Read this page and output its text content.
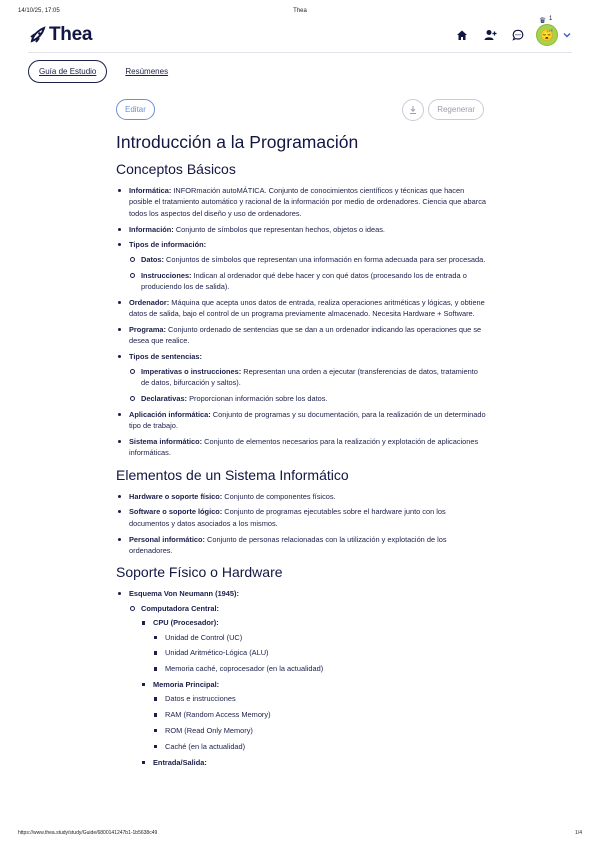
14/10/25, 17:05	Thea
Thea
♛ 1
😴
Guía de Estudio	Resúmenes
Editar	Regenerar
Introducción a la Programación
Conceptos Básicos
Informática: INFORmación autoMÁTICA. Conjunto de conocimientos científicos y técnicas que hacen posible el tratamiento automático y racional de la información por medio de ordenadores. Ciencia que abarca todos los aspectos del diseño y uso de ordenadores.
Información: Conjunto de símbolos que representan hechos, objetos o ideas.
Tipos de información:
Datos: Conjuntos de símbolos que representan una información en forma adecuada para ser procesada.
Instrucciones: Indican al ordenador qué debe hacer y con qué datos (procesando los de entrada o produciendo los de salida).
Ordenador: Máquina que acepta unos datos de entrada, realiza operaciones aritméticas y lógicas, y obtiene datos de salida, bajo el control de un programa previamente almacenado. Necesita Hardware + Software.
Programa: Conjunto ordenado de sentencias que se dan a un ordenador indicando las operaciones que se desea que realice.
Tipos de sentencias:
Imperativas o instrucciones: Representan una orden a ejecutar (transferencias de datos, tratamiento de datos, bifurcación y saltos).
Declarativas: Proporcionan información sobre los datos.
Aplicación informática: Conjunto de programas y su documentación, para la realización de un determinado tipo de trabajo.
Sistema informático: Conjunto de elementos necesarios para la realización y explotación de aplicaciones informáticas.
Elementos de un Sistema Informático
Hardware o soporte físico: Conjunto de componentes físicos.
Software o soporte lógico: Conjunto de programas ejecutables sobre el hardware junto con los documentos y datos asociados a los mismos.
Personal informático: Conjunto de personas relacionadas con la utilización y explotación de los ordenadores.
Soporte Físico o Hardware
Esquema Von Neumann (1945):
Computadora Central:
CPU (Procesador):
Unidad de Control (UC)
Unidad Aritmético-Lógica (ALU)
Memoria caché, coprocesador (en la actualidad)
Memoria Principal:
Datos e instrucciones
RAM (Random Access Memory)
ROM (Read Only Memory)
Caché (en la actualidad)
Entrada/Salida:
https://www.thea.study/study/Guide/6800141247b1-1b5638c49	1/4
